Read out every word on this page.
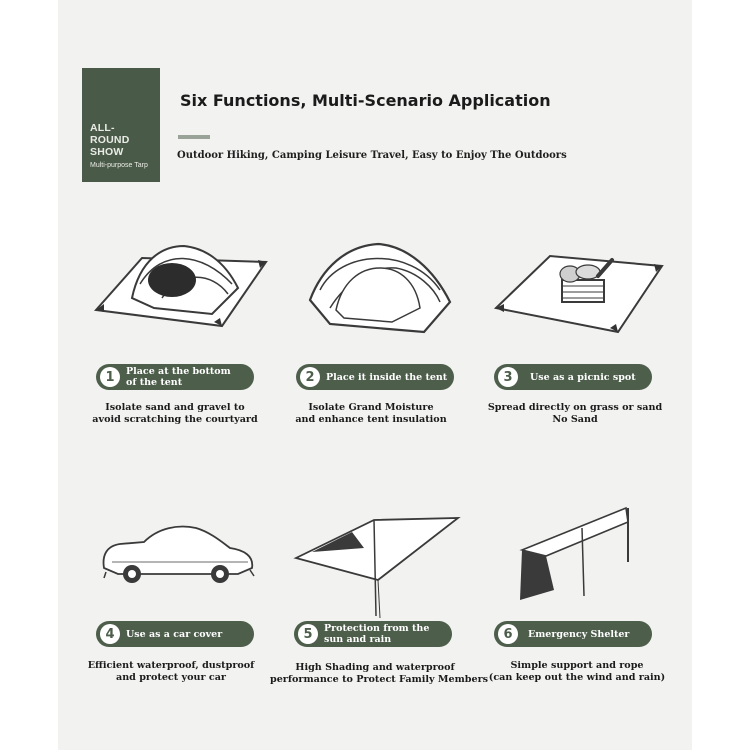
ALL-
ROUND
SHOW
Multi-purpose Tarp
Six Functions, Multi-Scenario Application
Outdoor Hiking, Camping Leisure Travel, Easy to Enjoy The Outdoors
1	Place at the bottom
of the tent	2	Place it inside the tent	3	Use as a picnic spot
Isolate sand and gravel to
avoid scratching the courtyard
Isolate Grand Moisture
and enhance tent insulation
Spread directly on grass or sand
No Sand
4	Use as a car cover	5	Protection from the
sun and rain	6	Emergency Shelter
Efficient waterproof, dustproof
and protect your car
High Shading and waterproof
performance to Protect Family Members
Simple support and rope
(can keep out the wind and rain)
